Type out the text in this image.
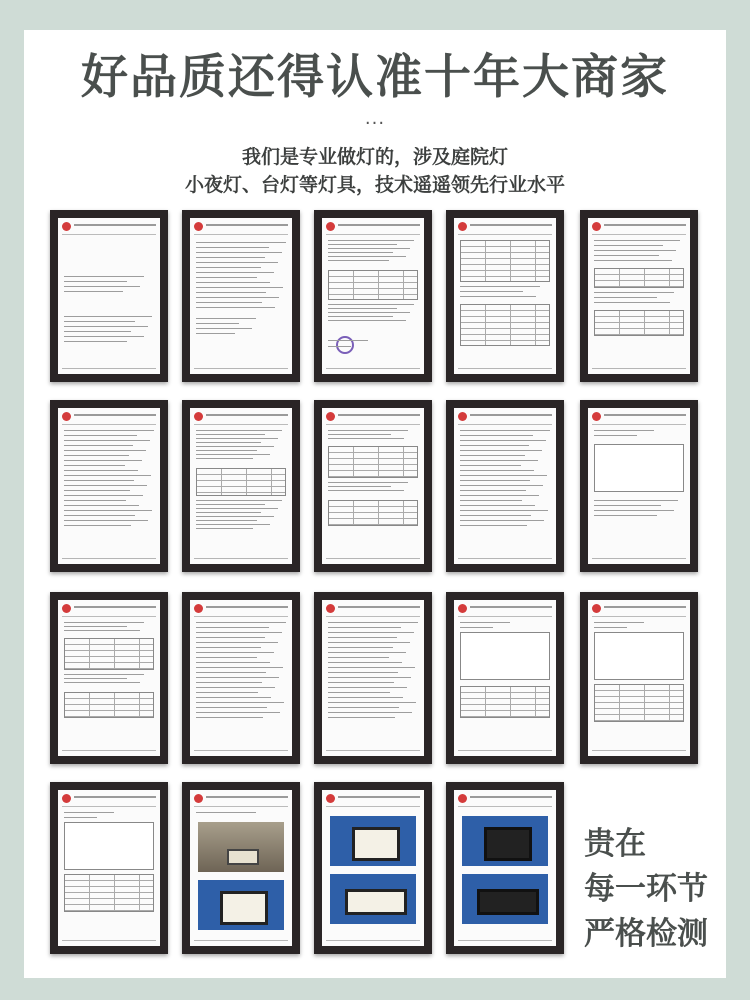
好品质还得认准十年大商家
...
我们是专业做灯的，涉及庭院灯
小夜灯、台灯等灯具，技术遥遥领先行业水平
贵在
每一环节
严格检测
